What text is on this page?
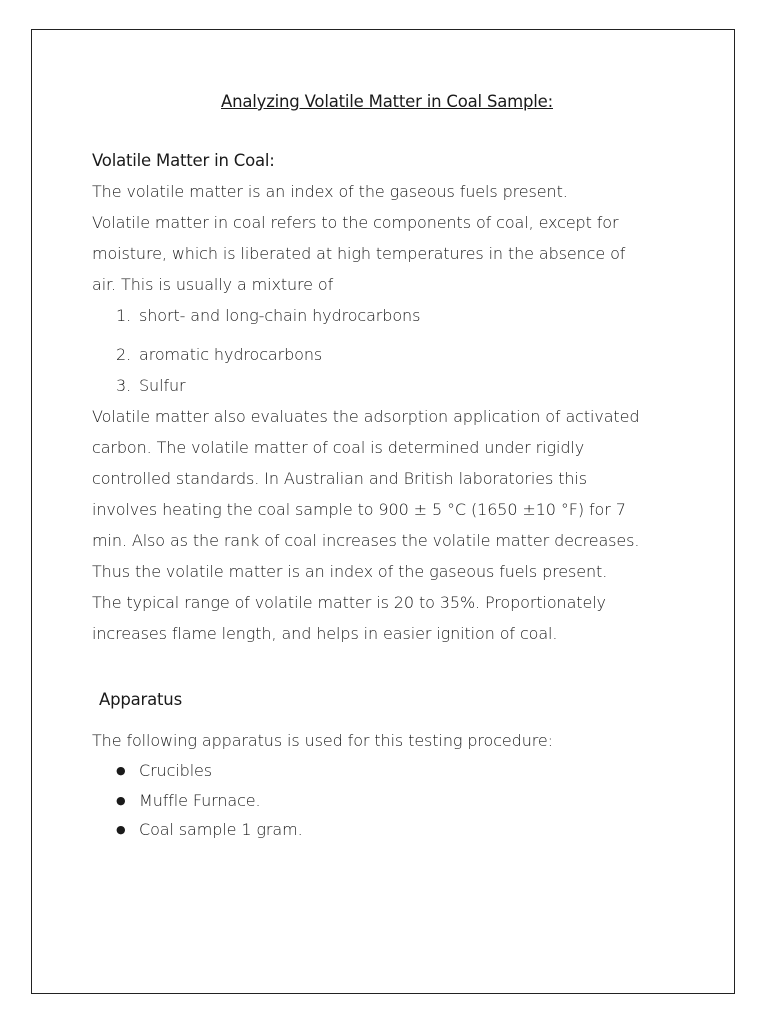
Analyzing Volatile Matter in Coal Sample:
Volatile Matter in Coal:

The volatile matter is an index of the gaseous fuels present.

Volatile matter in coal refers to the components of coal, except for

moisture, which is liberated at high temperatures in the absence of

air. This is usually a mixture of

1. short- and long-chain hydrocarbons
2. aromatic hydrocarbons
3. Sulfur

Volatile matter also evaluates the adsorption application of activated

carbon. The volatile matter of coal is determined under rigidly

controlled standards. In Australian and British laboratories this

involves heating the coal sample to 900 ± 5 °C (1650 ±10 °F) for 7

min. Also as the rank of coal increases the volatile matter decreases.

Thus the volatile matter is an index of the gaseous fuels present.

The typical range of volatile matter is 20 to 35%. Proportionately

increases flame length, and helps in easier ignition of coal.

Apparatus

The following apparatus is used for this testing procedure:

● Crucibles
● Muffle Furnace.
● Coal sample 1 gram.
